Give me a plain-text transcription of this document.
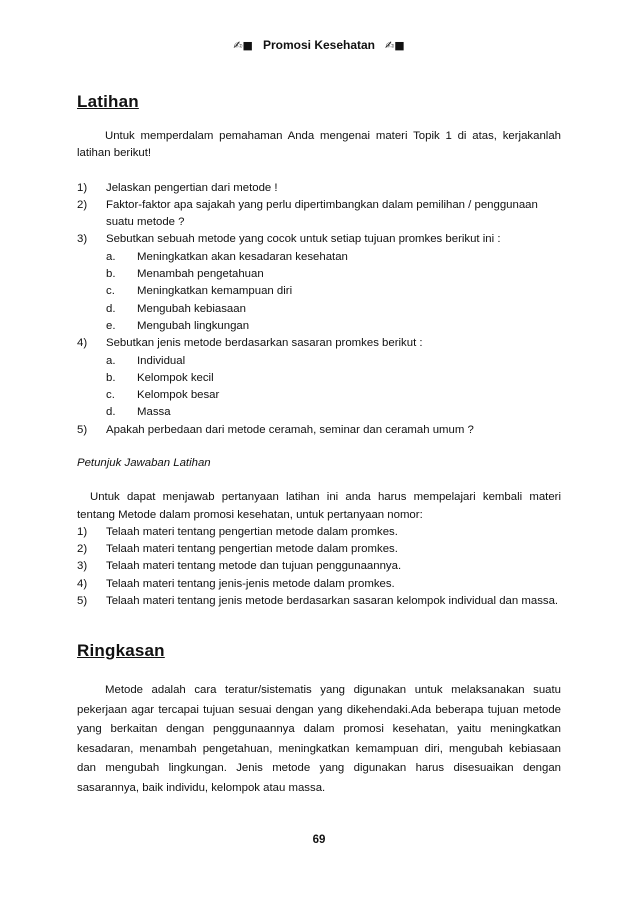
✍■ Promosi Kesehatan ✍■
Latihan

Untuk memperdalam pemahaman Anda mengenai materi Topik 1 di atas, kerjakanlah latihan berikut!

1) Jelaskan pengertian dari metode !
2) Faktor-faktor apa sajakah yang perlu dipertimbangkan dalam pemilihan / penggunaan suatu metode ?
3) Sebutkan sebuah metode yang cocok untuk setiap tujuan promkes berikut ini :
a. Meningkatkan akan kesadaran kesehatan
b. Menambah pengetahuan
c. Meningkatkan kemampuan diri
d. Mengubah kebiasaan
e. Mengubah lingkungan
4) Sebutkan jenis metode berdasarkan sasaran promkes berikut :
a. Individual
b. Kelompok kecil
c. Kelompok besar
d. Massa
5) Apakah perbedaan dari metode ceramah, seminar dan ceramah umum ?

Petunjuk Jawaban Latihan

Untuk dapat menjawab pertanyaan latihan ini anda harus mempelajari kembali materi tentang Metode dalam promosi kesehatan, untuk pertanyaan nomor:

1) Telaah materi tentang pengertian metode dalam promkes.
2) Telaah materi tentang pengertian metode dalam promkes.
3) Telaah materi tentang metode dan tujuan penggunaannya.
4) Telaah materi tentang jenis-jenis metode dalam promkes.
5) Telaah materi tentang jenis metode berdasarkan sasaran kelompok individual dan massa.
Ringkasan

Metode adalah cara teratur/sistematis yang digunakan untuk melaksanakan suatu pekerjaan agar tercapai tujuan sesuai dengan yang dikehendaki.Ada beberapa tujuan metode yang berkaitan dengan penggunaannya dalam promosi kesehatan, yaitu meningkatkan kesadaran, menambah pengetahuan, meningkatkan kemampuan diri, mengubah kebiasaan dan mengubah lingkungan. Jenis metode yang digunakan harus disesuaikan dengan sasarannya, baik individu, kelompok atau massa.

69
